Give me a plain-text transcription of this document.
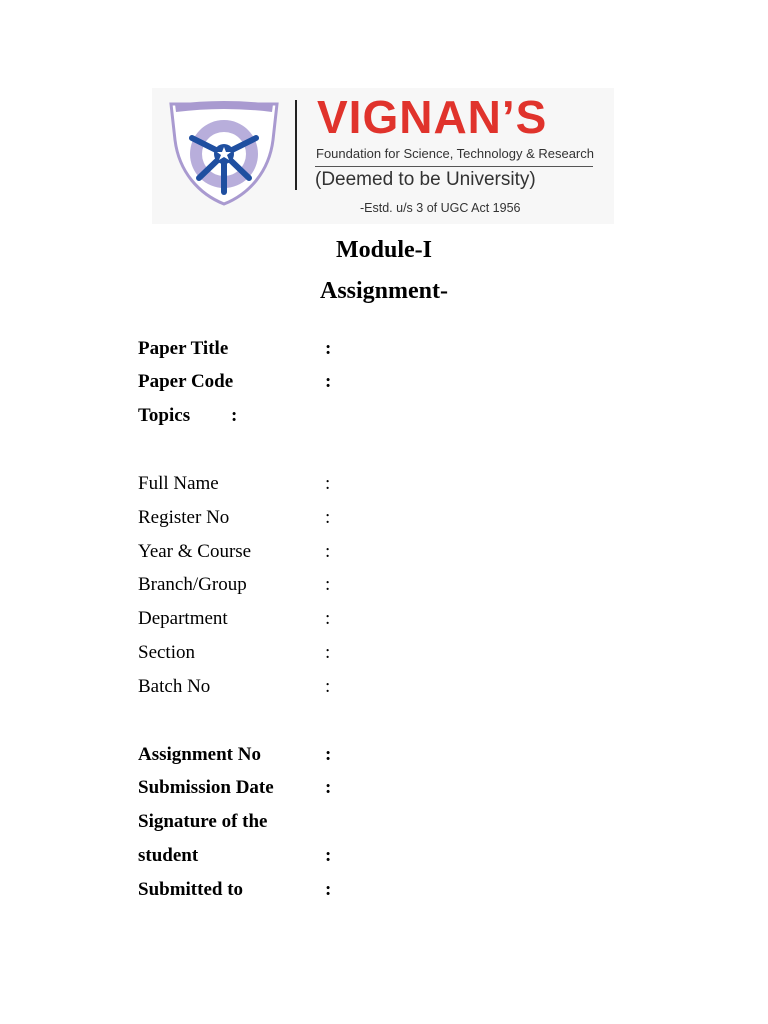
VIGNAN’S
Foundation for Science, Technology & Research
(Deemed to be University)
-Estd. u/s 3 of UGC Act 1956
Module-I
Assignment-
Paper Title	:
Paper Code	:
Topics :
Full Name	:
Register No	:
Year & Course	:
Branch/Group	:
Department	:
Section	:
Batch No	:
Assignment No	:
Submission Date	:
Signature of the
student	:
Submitted to	:
